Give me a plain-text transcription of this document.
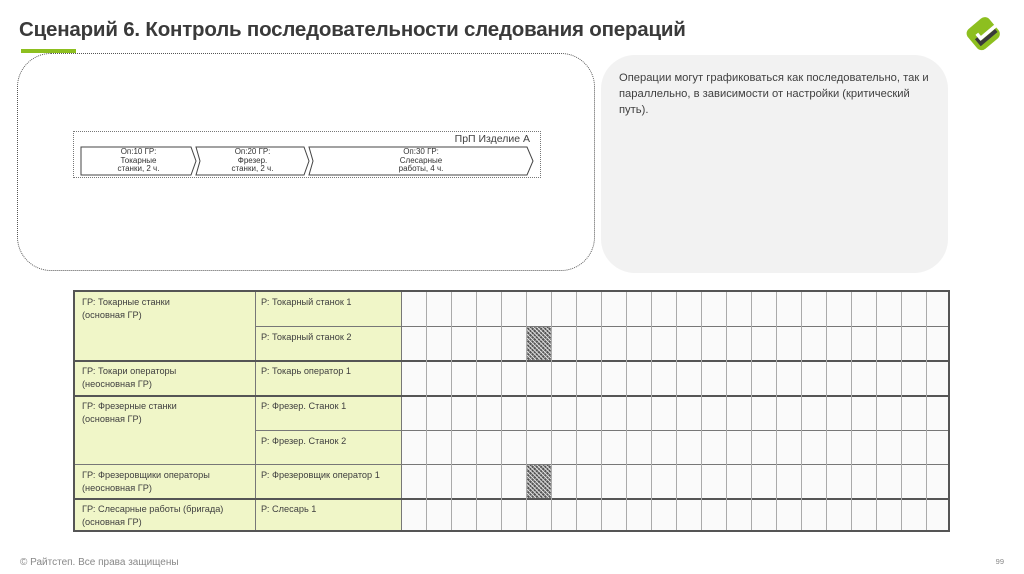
Сценарий 6. Контроль последовательности следования операций
Операции могут графиковаться как последовательно, так и параллельно, в зависимости от настройки (критический путь).
ПрП Изделие А
Оп:10 ГР:
Токарные
станки, 2 ч.
Оп:20 ГР:
Фрезер.
станки, 2 ч.
Оп:30 ГР:
Слесарные
работы, 4 ч.
ГР: Токарные станки
(основная ГР)
ГР: Токари операторы
(неосновная ГР)
ГР: Фрезерные станки
(основная ГР)
ГР: Фрезеровщики операторы
(неосновная ГР)
ГР: Слесарные работы (бригада)
(основная ГР)
Р: Токарный станок 1
Р: Токарный станок 2
Р: Токарь оператор 1
Р: Фрезер. Станок 1
Р: Фрезер. Станок 2
Р: Фрезеровщик оператор 1
Р: Слесарь 1
© Райтстеп. Все права защищены	99
